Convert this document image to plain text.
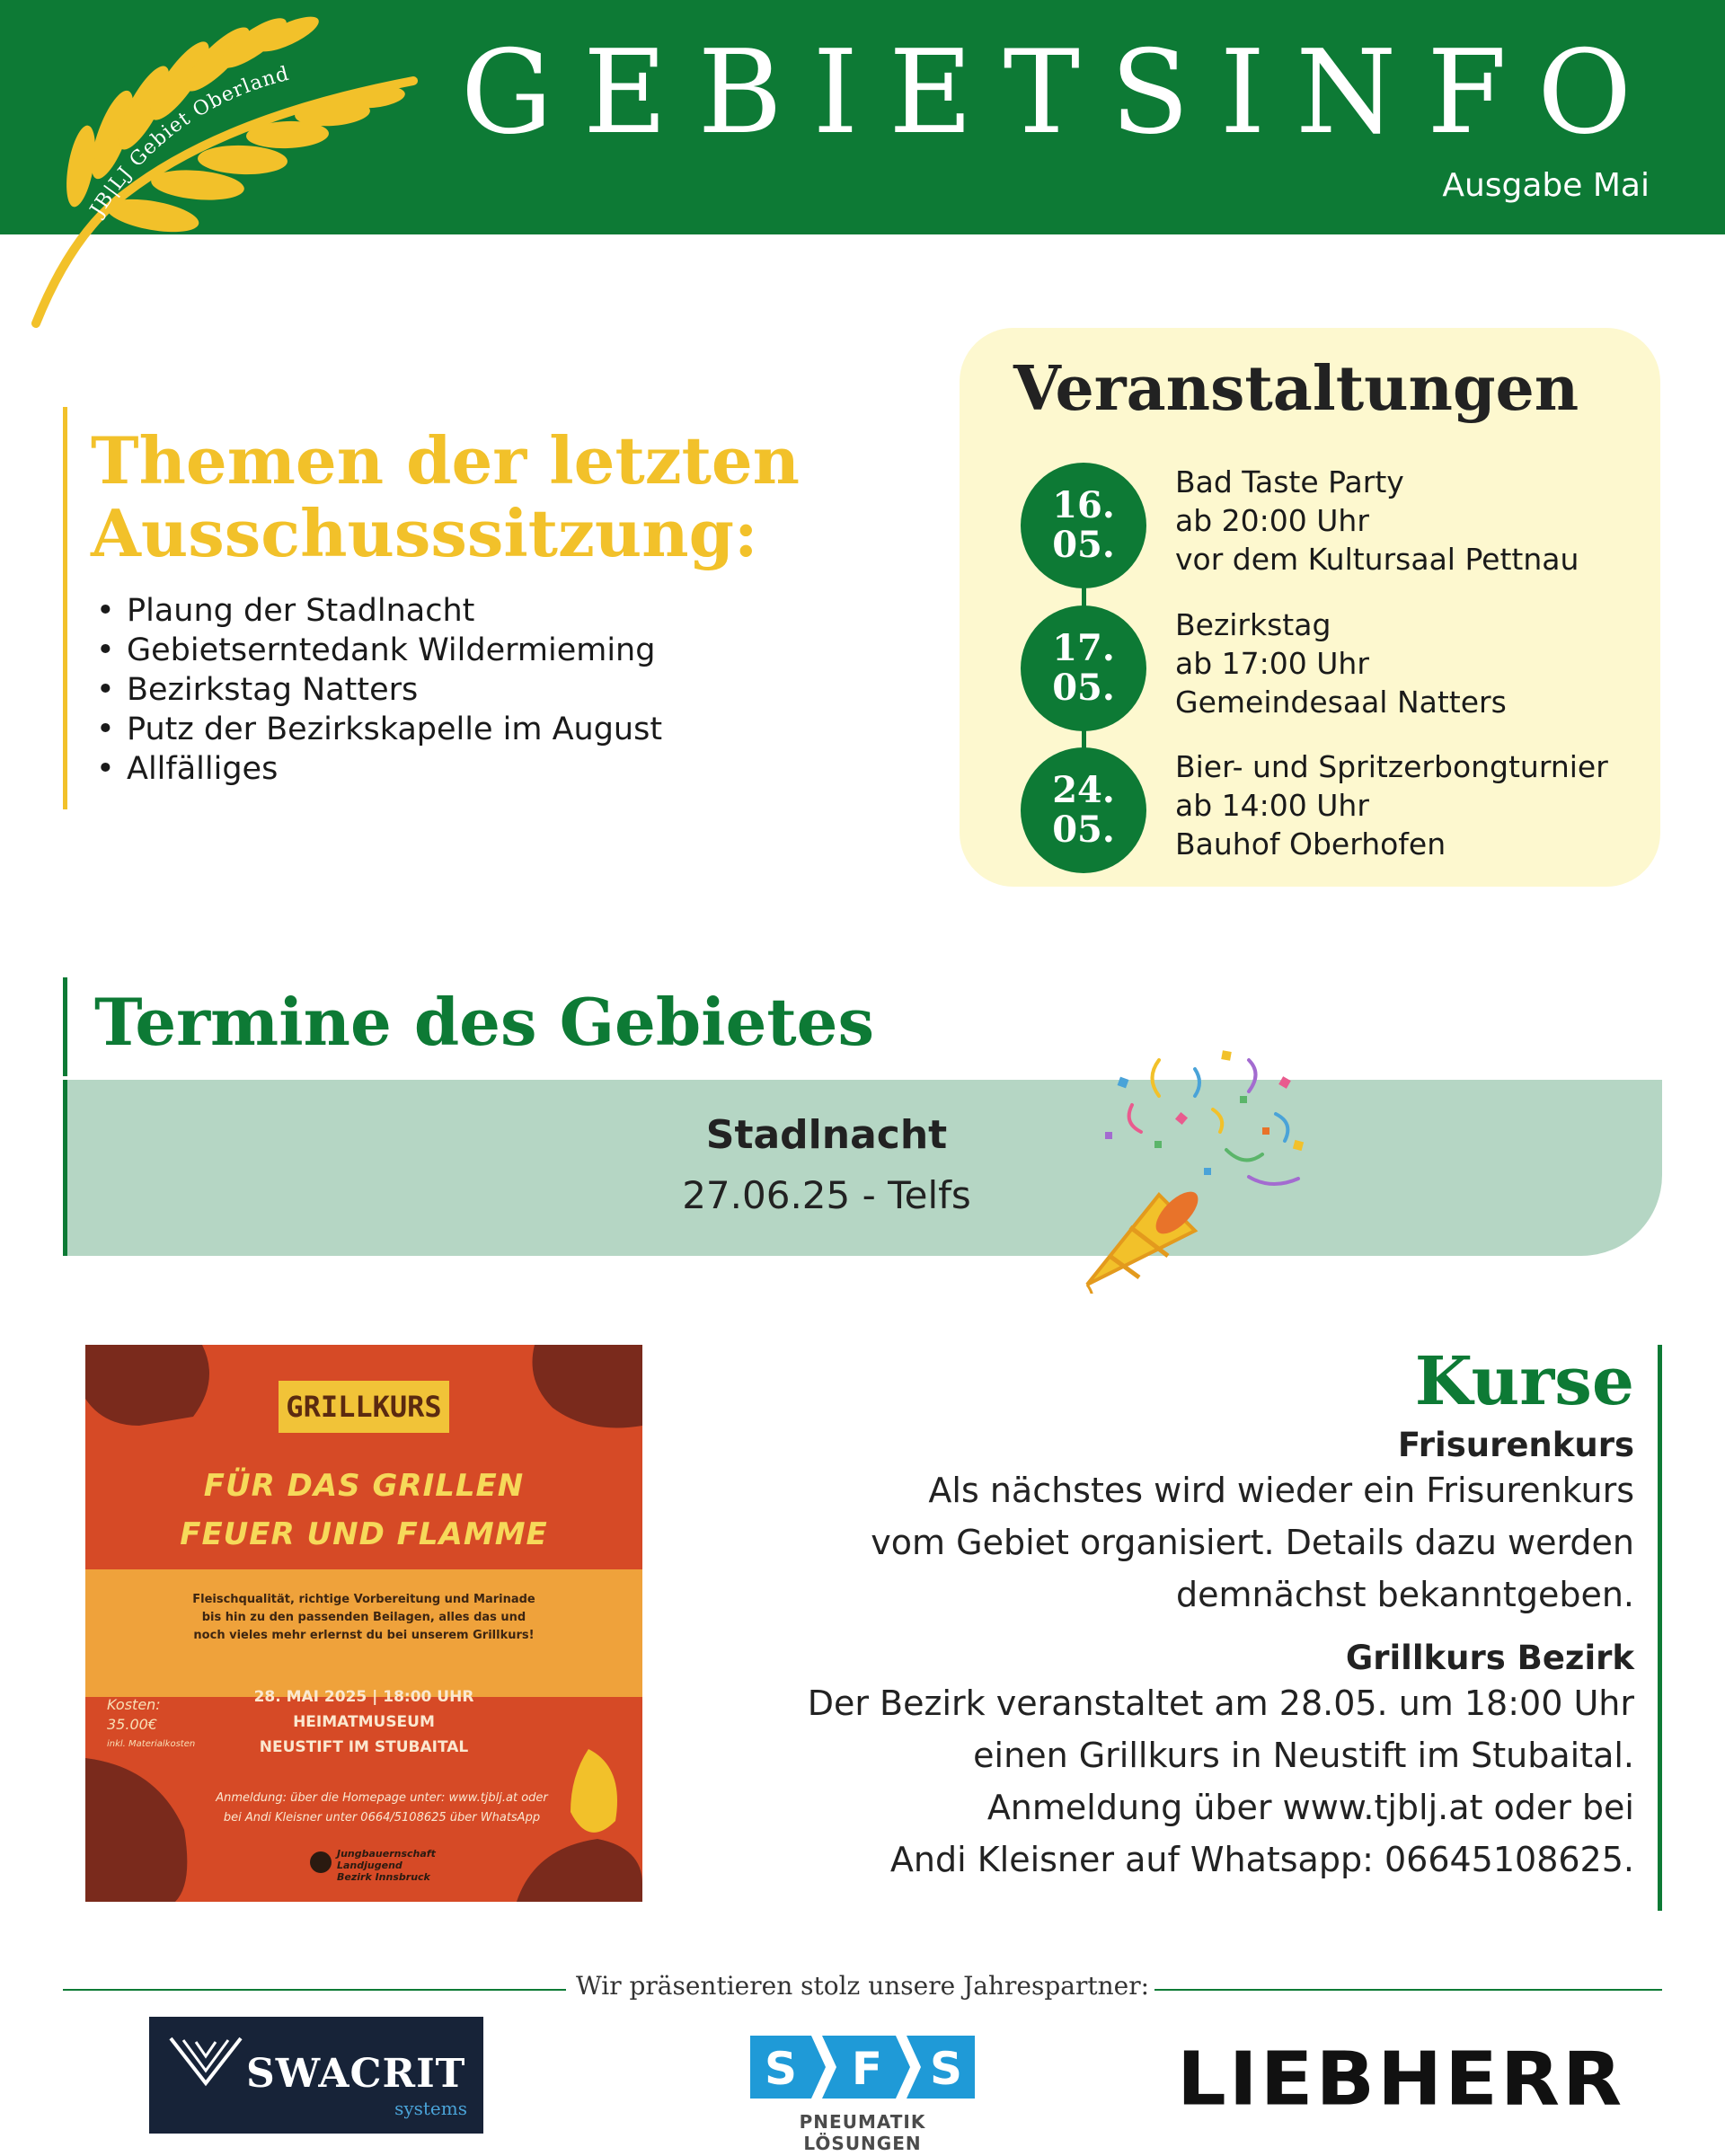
GEBIETSINFO
Ausgabe Mai
JB|LJ Gebiet Oberland
Themen der letzten
Ausschusssitzung:
• Plaung der Stadlnacht
• Gebietserntedank Wildermieming
• Bezirkstag Natters
• Putz der Bezirkskapelle im August
• Allfälliges
Veranstaltungen
16.
05.
Bad Taste Party
ab 20:00 Uhr
vor dem Kultursaal Pettnau
17.
05.
Bezirkstag
ab 17:00 Uhr
Gemeindesaal Natters
24.
05.
Bier- und Spritzerbongturnier
ab 14:00 Uhr
Bauhof Oberhofen
Termine des Gebietes
Stadlnacht
27.06.25 - Telfs
GRILLKURS
FÜR DAS GRILLEN
FEUER UND FLAMME
Fleischqualität, richtige Vorbereitung und Marinade bis hin zu den passenden Beilagen, alles das und noch vieles mehr erlernst du bei unserem Grillkurs!
Kosten:
35.00€
inkl. Materialkosten
28. MAI 2025 | 18:00 UHR
HEIMATMUSEUM
NEUSTIFT IM STUBAITAL
Anmeldung: über die Homepage unter: www.tjblj.at oder
bei Andi Kleisner unter 0664/5108625 über WhatsApp
Jungbauernschaft
Landjugend
Bezirk Innsbruck
Kurse
Frisurenkurs
Als nächstes wird wieder ein Frisurenkurs
vom Gebiet organisiert. Details dazu werden
demnächst bekanntgeben.
Grillkurs Bezirk
Der Bezirk veranstaltet am 28.05. um 18:00 Uhr
einen Grillkurs in Neustift im Stubaital.
Anmeldung über www.tjblj.at oder bei
Andi Kleisner auf Whatsapp: 06645108625.
Wir präsentieren stolz unsere Jahrespartner:
SWACRIT
systems
S F S
PNEUMATIK LÖSUNGEN
LIEBHERR
